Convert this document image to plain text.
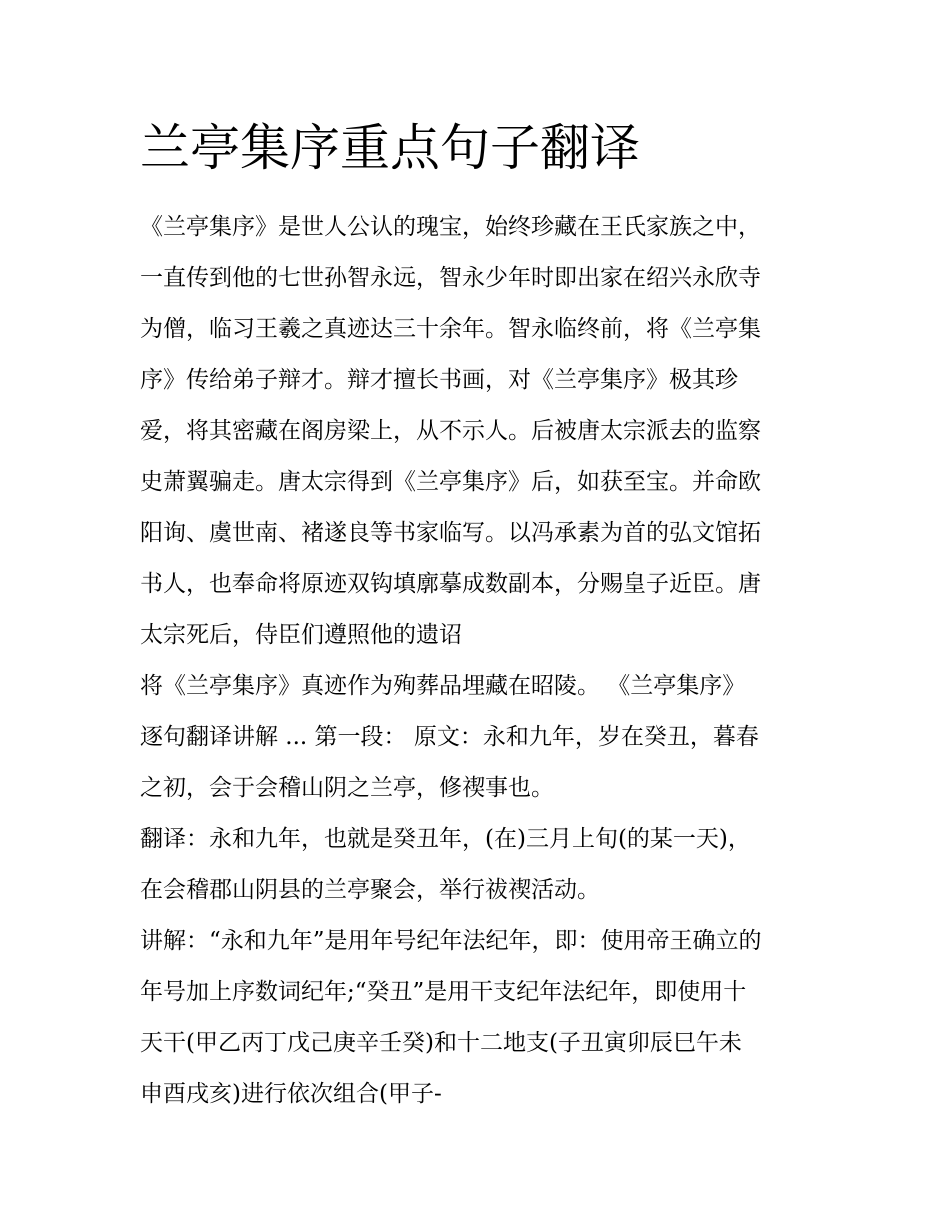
兰亭集序重点句子翻译
《兰亭集序》是世人公认的瑰宝，始终珍藏在王氏家族之中，
一直传到他的七世孙智永远，智永少年时即出家在绍兴永欣寺
为僧，临习王羲之真迹达三十余年。智永临终前，将《兰亭集
序》传给弟子辩才。辩才擅长书画，对《兰亭集序》极其珍
爱，将其密藏在阁房梁上，从不示人。后被唐太宗派去的监察
史萧翼骗走。唐太宗得到《兰亭集序》后，如获至宝。并命欧
阳询、虞世南、褚遂良等书家临写。以冯承素为首的弘文馆拓
书人，也奉命将原迹双钩填廓摹成数副本，分赐皇子近臣。唐
太宗死后，侍臣们遵照他的遗诏
将《兰亭集序》真迹作为殉葬品埋藏在昭陵。 《兰亭集序》
逐句翻译讲解 ... 第一段： 原文：永和九年，岁在癸丑，暮春
之初，会于会稽山阴之兰亭，修禊事也。
翻译：永和九年，也就是癸丑年，(在)三月上旬(的某一天)，
在会稽郡山阴县的兰亭聚会，举行祓禊活动。
讲解：“永和九年”是用年号纪年法纪年，即：使用帝王确立的
年号加上序数词纪年;“癸丑”是用干支纪年法纪年，即使用十
天干(甲乙丙丁戊己庚辛壬癸)和十二地支(子丑寅卯辰巳午未
申酉戌亥)进行依次组合(甲子-
